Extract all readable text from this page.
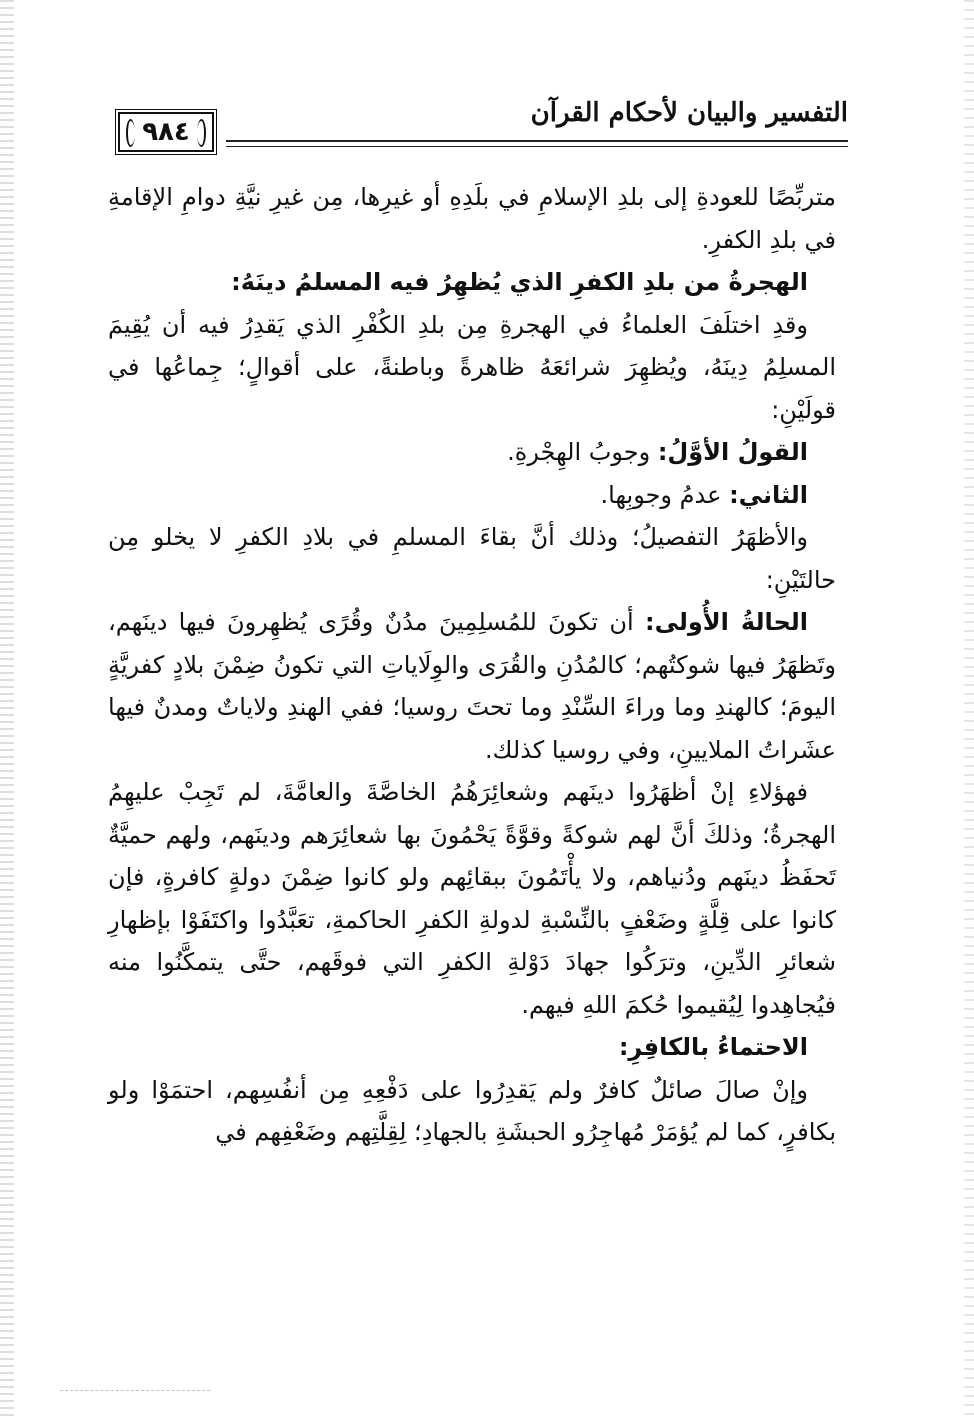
التفسير والبيان لأحكام القرآن
٩٨٤

متربِّصًا للعودةِ إلى بلدِ الإسلامِ في بلَدِهِ أو غيرِها، مِن غيرِ نيَّةِ دوامِ الإقامةِ في بلدِ الكفرِ.

الهجرةُ من بلدِ الكفرِ الذي يُظهِرُ فيه المسلمُ دينَهُ:

وقدِ اختلَفَ العلماءُ في الهجرةِ مِن بلدِ الكُفْرِ الذي يَقدِرُ فيه أن يُقِيمَ المسلِمُ دِينَهُ، ويُظهِرَ شرائعَهُ ظاهرةً وباطنةً، على أقوالٍ؛ جِماعُها في قولَيْنِ:

القولُ الأوَّلُ: وجوبُ الهِجْرةِ.

الثاني: عدمُ وجوبِها.

والأظهَرُ التفصيلُ؛ وذلك أنَّ بقاءَ المسلمِ في بلادِ الكفرِ لا يخلو مِن حالتَيْنِ:

الحالةُ الأُولى: أن تكونَ للمُسلِمِينَ مدُنٌ وقُرًى يُظهِرونَ فيها دينَهم، وتَظهَرُ فيها شوكتُهم؛ كالمُدُنِ والقُرَى والوِلَاياتِ التي تكونُ ضِمْنَ بلادٍ كفريَّةٍ اليومَ؛ كالهندِ وما وراءَ السِّنْدِ وما تحتَ روسيا؛ ففي الهندِ ولاياتٌ ومدنٌ فيها عشَراتُ الملايينِ، وفي روسيا كذلك.

فهؤلاءِ إنْ أظهَرُوا دينَهم وشعائِرَهُمُ الخاصَّةَ والعامَّةَ، لم تَجِبْ عليهِمُ الهجرةُ؛ وذلكَ أنَّ لهم شوكةً وقوَّةً يَحْمُونَ بها شعائِرَهم ودينَهم، ولهم حميَّةٌ تَحفَظُ دينَهم ودُنياهم، ولا يأْتَمُونَ ببقائِهم ولو كانوا ضِمْنَ دولةٍ كافرةٍ، فإن كانوا على قِلَّةٍ وضَعْفٍ بالنِّسْبةِ لدولةِ الكفرِ الحاكمةِ، تعَبَّدُوا واكتَفَوْا بإظهارِ شعائرِ الدِّينِ، وترَكُوا جهادَ دَوْلةِ الكفرِ التي فوقَهم، حتَّى يتمكَّنُوا منه فيُجاهِدوا لِيُقيموا حُكمَ اللهِ فيهم.

الاحتماءُ بالكافِرِ:

وإنْ صالَ صائلٌ كافرٌ ولم يَقدِرُوا على دَفْعِهِ مِن أنفُسِهم، احتمَوْا ولو بكافرٍ، كما لم يُؤمَرْ مُهاجِرُو الحبشَةِ بالجهادِ؛ لِقِلَّتِهم وضَعْفِهم في
